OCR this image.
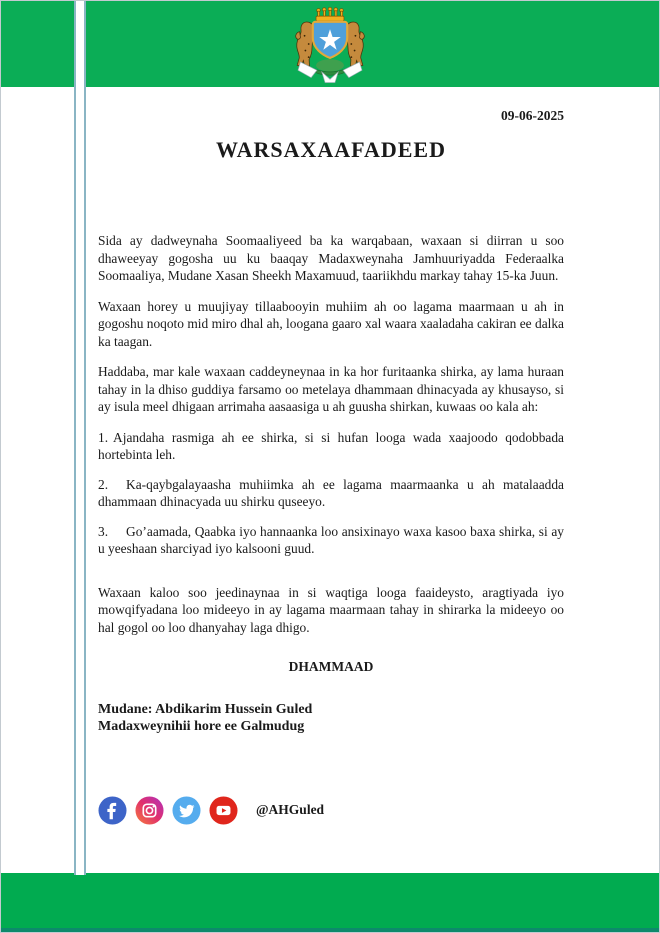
09-06-2025
WARSAXAAFADEED

Sida ay dadweynaha Soomaaliyeed ba ka warqabaan, waxaan si diirran u soo dhaweeyay gogosha uu ku baaqay Madaxweynaha Jamhuuriyadda Federaalka Soomaaliya, Mudane Xasan Sheekh Maxamuud, taariikhdu markay tahay 15-ka Juun.

Waxaan horey u muujiyay tillaabooyin muhiim ah oo lagama maarmaan u ah in gogoshu noqoto mid miro dhal ah, loogana gaaro xal waara xaaladaha cakiran ee dalka ka taagan.

Haddaba, mar kale waxaan caddeyneynaa in ka hor furitaanka shirka, ay lama huraan tahay in la dhiso guddiya farsamo oo metelaya dhammaan dhinacyada ay khusayso, si ay isula meel dhigaan arrimaha aasaasiga u ah guusha shirkan, kuwaas oo kala ah:

1. Ajandaha rasmiga ah ee shirka, si si hufan looga wada xaajoodo qodobbada hortebinta leh.

2. Ka-qaybgalayaasha muhiimka ah ee lagama maarmaanka u ah matalaadda dhammaan dhinacyada uu shirku quseeyo.

3. Go’aamada, Qaabka iyo hannaanka loo ansixinayo waxa kasoo baxa shirka, si ay u yeeshaan sharciyad iyo kalsooni guud.

Waxaan kaloo soo jeedinaynaa in si waqtiga looga faaideysto, aragtiyada iyo mowqifyadana loo mideeyo in ay lagama maarmaan tahay in shirarka la mideeyo oo hal gogol oo loo dhanyahay laga dhigo.

DHAMMAAD

Mudane: Abdikarim Hussein Guled
Madaxweynihii hore ee Galmudug
@AHGuled
